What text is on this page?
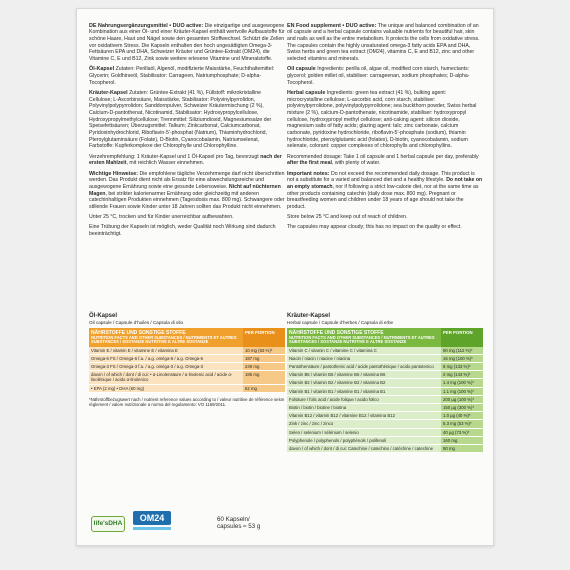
DE Nahrungsergänzungsmittel • DUO active: Die einzigartige und ausgewogene Kombination aus einer Öl- und einer Kräuter-Kapsel enthält wertvolle Aufbaustoffe für schöne Haare, Haut und Nägel sowie den gesamten Stoffwechsel. Schützt die Zellen vor oxidativem Stress. Die Kapseln enthalten den hoch ungesättigten Omega-3-Fettsäuren EPA und DHA, Schweizer Kräuter und Grüntee-Extrakt (OM24), die Vitamine C, E und B12, Zink sowie weitere erlesene Vitamine und Mineralstoffe.

Öl-Kapsel Zutaten: Perillaöl, Algenöl, modifizierte Maisstärke, Feuchthaltemittel: Glycerin; Goldhirseöl, Stabilisator: Carrageen, Natriumphosphate; D-alpha-Tocopherol.

Kräuter-Kapsel Zutaten: Grüntee-Extrakt (41 %), Füllstoff: mikrokristalline Cellulose; L-Ascorbinsäure, Maisstärke, Stabilisator: Polyvinylpyrrolidon, Polyvinylpolypyrrolidon; Sanddornpulver, Schweizer Kräutermischung (2 %), Calcium-D-pantothenat, Nicotinamid, Stabilisator: Hydroxypropylcellulose, Hydroxypropylmethylcellulose; Trennmittel: Siliziumdioxid, Magnesiumsalze der Speisefettsäuren; Überzugsmittel: Talkum; Zinkcarbonat, Calciumcarbonat, Pyridoxinhydrochlorid, Riboflavin-5'-phosphat (Natrium), Thiaminhydrochlorid, Pteroylglutaminsäure (Folate), D-Biotin, Cyanocobalamin, Natriumselenat, Farbstoffe: Kupferkomplexe der Chlorophylle und Chlorophylline.

Verzehrempfehlung: 1 Kräuter-Kapsel und 1 Öl-Kapsel pro Tag, bevorzugt nach der ersten Mahlzeit, mit reichlich Wasser einnehmen.

Wichtige Hinweise: Die empfohlene tägliche Verzehrmenge darf nicht überschritten werden. Das Produkt dient nicht als Ersatz für eine abwechslungsreiche und ausgewogene Ernährung sowie eine gesunde Lebensweise. Nicht auf nüchternen Magen, bei strikter kalorienarmer Ernährung oder gleichzeitig mit anderen catechinhaltigen Produkten einnehmen (Tagesdosis max. 800 mg). Schwangere oder stillende Frauen sowie Kinder unter 18 Jahren sollten das Produkt nicht einnehmen.

Unter 25 °C, trocken und für Kinder unerreichbar aufbewahren.

Eine Trübung der Kapseln ist möglich, weder Qualität noch Wirkung sind dadurch beeinträchtigt.

EN Food supplement • DUO active: The unique and balanced combination of an oil capsule and a herbal capsule contains valuable nutrients for beautiful hair, skin and nails as well as the entire metabolism. It protects the cells from oxidative stress. The capsules contain the highly unsaturated omega-3 fatty acids EPA and DHA, Swiss herbs and green tea extract (OM24), vitamins C, E and B12, zinc and other selected vitamins and minerals.

Oil capsule Ingredients: perilla oil, algae oil, modified corn starch, humectants: glycerol; golden millet oil, stabiliser: carrageenan, sodium phosphates; D-alpha-Tocopherol.

Herbal capsule Ingredients: green tea extract (41 %), bulking agent: microcrystalline cellulose; L-ascorbic acid, corn starch, stabiliser: polyvinylpyrrolidone, polyvinylpolypyrrolidone; sea buckthorn powder, Swiss herbal mixture (2 %), calcium-D-pantothenate, nicotinamide, stabiliser: hydroxypropyl cellulose, hydroxypropyl methyl cellulose; anti-caking agent: silicon dioxide, magnesium salts of fatty acids; glazing agent: talc; zinc carbonate, calcium carbonate, pyridoxine hydrochloride, riboflavin-5'-phosphate (sodium), thiamin hydrochloride, pteroylglutamic acid (folates), D-biotin, cyanocobalamin, sodium selenate, colorant: copper complexes of chlorophylls and chlorophyllins.

Recommended dosage: Take 1 oil capsule and 1 herbal capsule per day, preferably after the first meal, with plenty of water.

Important notes: Do not exceed the recommended daily dosage. This product is not a substitute for a varied and balanced diet and a healthy lifestyle. Do not take on an empty stomach, nor if following a strict low-calorie diet, nor at the same time as other products containing catechin (daily dose max. 800 mg). Pregnant or breastfeeding women and children under 18 years of age should not take the product.

Store below 25 °C and keep out of reach of children.

The capsules may appear cloudy; this has no impact on the quality or effect.

Öl-Kapsel
Oil capsule / Capsule d'huiles / Capsula di olio
NÄHRSTOFFE UND SONSTIGE STOFFE
NUTRITION FACTS AND OTHER SUBSTANCES / NUTRIMENTS ET AUTRES SUBSTANCES / SOSTANZE NUTRITIVE E ALTRE SOSTANZE	PER PORTION
Vitamin E / vitamin E / vitamine E / vitamina E	10 mg (83 %)*
Omega-6 FS / Omega-6 f.a. / a.g. oméga-6 / a.g. Omega-6	187 mg
Omega-3 FS / Omega-3 f.a. / a.g. oméga-3 / a.g. Omega-3	249 mg
davon / of which / dont / di cui: • α-Linolensäure / α-linolenic acid / acide α-linolénique / acido α-linolenico	185 mg
• EPA (2 mg) • DHA (60 mg)	62 mg
*Nährstoffbezugswert nach / nutrient reference values according to / valeur nutritive de référence selon règlement / valore nutrizionale a norma del regolamento: VO 1169/2011.
Kräuter-Kapsel
Herbal capsule / Capsule d'herbes / Capsula di erbe
NÄHRSTOFFE UND SONSTIGE STOFFE
NUTRITION FACTS AND OTHER SUBSTANCES / NUTRIMENTS ET AUTRES SUBSTANCES / SOSTANZE NUTRITIVE E ALTRE SOSTANZE	PER PORTION
Vitamin C / vitamin C / vitamine C / vitamina C	90 mg (112 %)*
Niacin / niacin / niacine / niacina	16 mg (100 %)*
Pantothensäure / pantothenic acid / acide pantothénique / acido pantotenico	8 mg (133 %)*
Vitamin B6 / vitamin B6 / vitamine B6 / vitamina B6	2 mg (143 %)*
Vitamin B2 / vitamin B2 / vitamine B2 / vitamina B2	1.4 mg (100 %)*
Vitamin B1 / vitamin B1 / vitamine B1 / vitamina B1	1.1 mg (100 %)*
Folsäure / folic acid / acide folique / acido folico	200 µg (100 %)*
Biotin / biotin / biotine / biotina	150 µg (300 %)*
Vitamin B12 / vitamin B12 / vitamine B12 / vitamina B12	1.0 µg (40 %)*
Zink / zinc / zinc / zinco	5.3 mg (53 %)*
Selen / selenium / sélénium / selenio	40 µg (73 %)*
Polyphenole / polyphenols / polyphénols / polifenoli	160 mg
davon / of which / dont / di cui: Catechine / catechins / catéchine / catechine	90 mg
life'sDHA
OM24	60 Kapseln/
capsules ≈ 53 g
